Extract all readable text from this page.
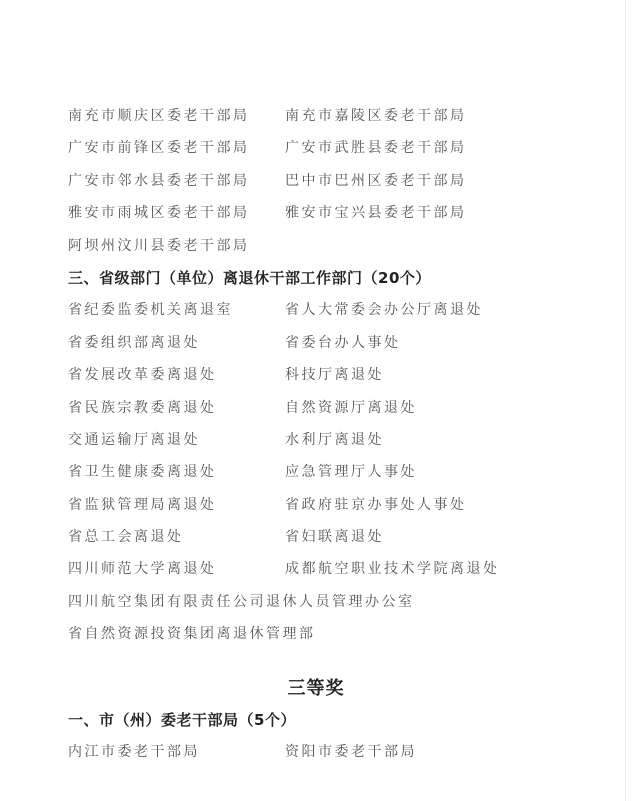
南充市顺庆区委老干部局	南充市嘉陵区委老干部局
广安市前锋区委老干部局	广安市武胜县委老干部局
广安市邻水县委老干部局	巴中市巴州区委老干部局
雅安市雨城区委老干部局	雅安市宝兴县委老干部局
阿坝州汶川县委老干部局
三、省级部门（单位）离退休干部工作部门（20个）
省纪委监委机关离退室	省人大常委会办公厅离退处
省委组织部离退处	省委台办人事处
省发展改革委离退处	科技厅离退处
省民族宗教委离退处	自然资源厅离退处
交通运输厅离退处	水利厅离退处
省卫生健康委离退处	应急管理厅人事处
省监狱管理局离退处	省政府驻京办事处人事处
省总工会离退处	省妇联离退处
四川师范大学离退处	成都航空职业技术学院离退处
四川航空集团有限责任公司退休人员管理办公室
省自然资源投资集团离退休管理部
三等奖
一、市（州）委老干部局（5个）
内江市委老干部局	资阳市委老干部局
